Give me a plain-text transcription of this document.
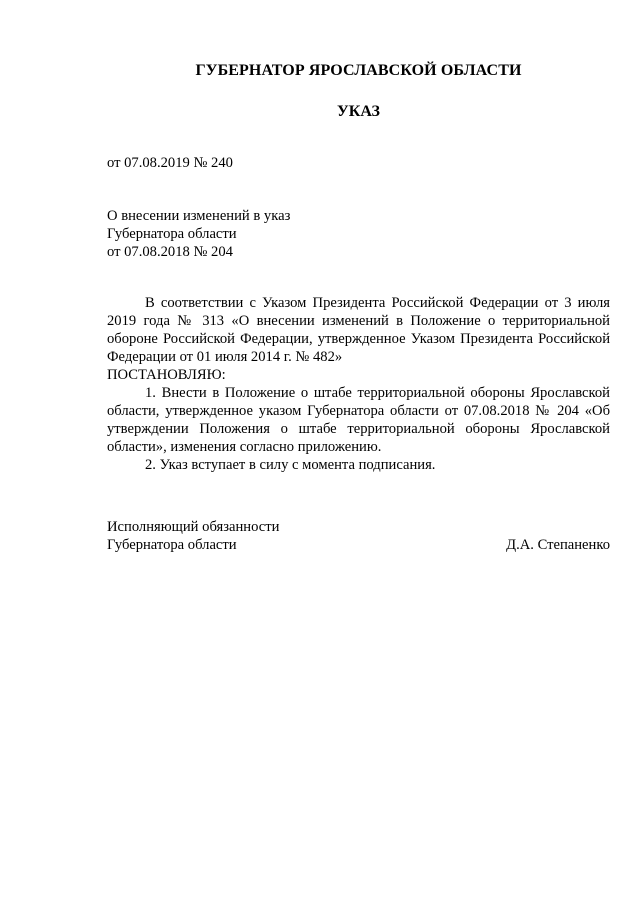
ГУБЕРНАТОР ЯРОСЛАВСКОЙ ОБЛАСТИ
УКАЗ
от 07.08.2019 № 240
О внесении изменений в указ
Губернатора области
от 07.08.2018 № 204

В соответствии с Указом Президента Российской Федерации от 3 июля 2019 года № 313 «О внесении изменений в Положение о территориальной обороне Российской Федерации, утвержденное Указом Президента Российской Федерации от 01 июля 2014 г. № 482»

ПОСТАНОВЛЯЮ:

1. Внести в Положение о штабе территориальной обороны Ярославской области, утвержденное указом Губернатора области от 07.08.2018 № 204 «Об утверждении Положения о штабе территориальной обороны Ярославской области», изменения согласно приложению.

2. Указ вступает в силу с момента подписания.

Исполняющий обязанности
Губернатора области	Д.А. Степаненко
